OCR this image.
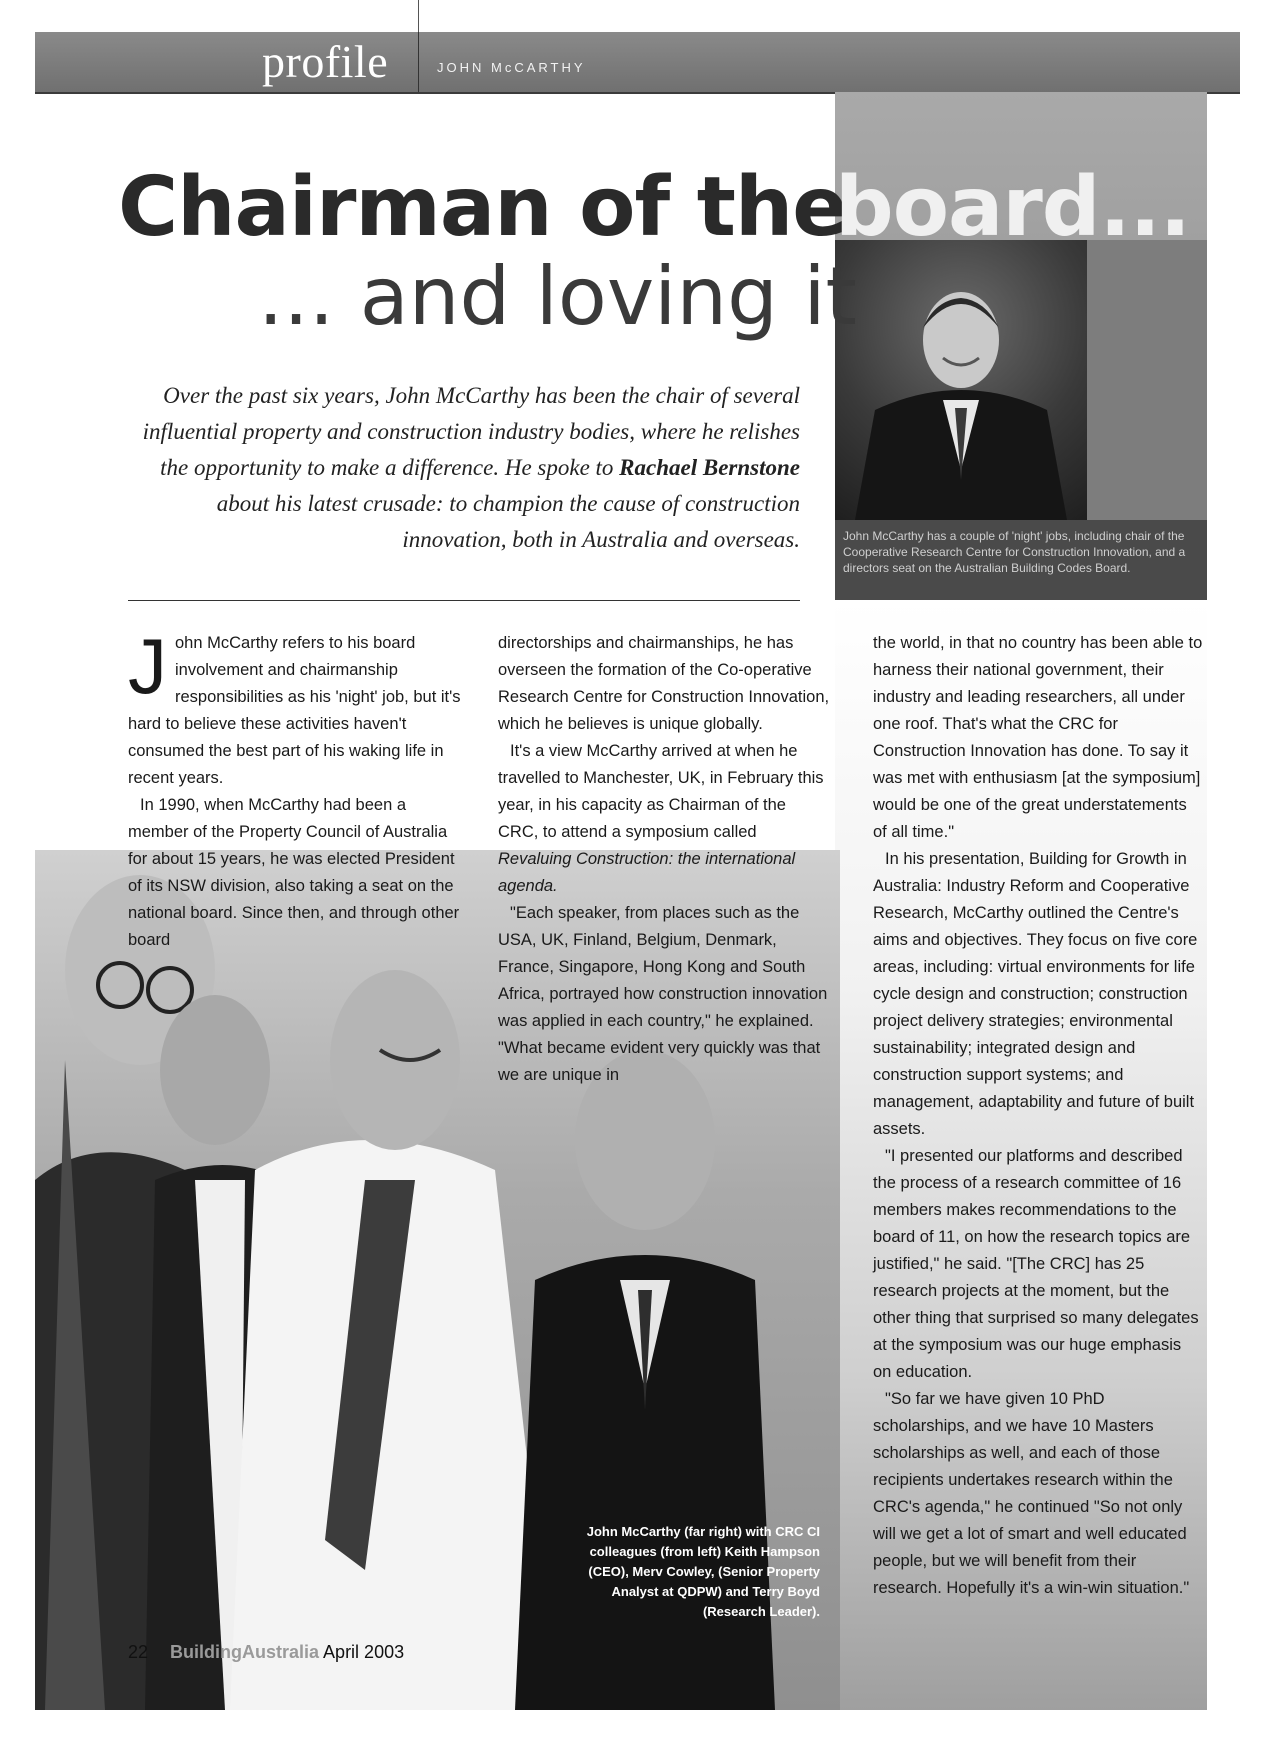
profile	JOHN McCARTHY
John McCarthy has a couple of 'night' jobs, including chair of the Cooperative Research Centre for Construction Innovation, and a directors seat on the Australian Building Codes Board.
Chairman of the
board...
... and loving it
Over the past six years, John McCarthy has been the chair of several influential property and construction industry bodies, where he relishes the opportunity to make a difference. He spoke to Rachael Bernstone about his latest crusade: to champion the cause of construction innovation, both in Australia and overseas.
John McCarthy (far right) with CRC CI colleagues (from left) Keith Hampson (CEO), Merv Cowley, (Senior Property Analyst at QDPW) and Terry Boyd (Research Leader).

John McCarthy refers to his board involvement and chairmanship responsibilities as his 'night' job, but it's hard to believe these activities haven't consumed the best part of his waking life in recent years.

In 1990, when McCarthy had been a member of the Property Council of Australia for about 15 years, he was elected President of its NSW division, also taking a seat on the national board. Since then, and through other board

directorships and chairmanships, he has overseen the formation of the Co-operative Research Centre for Construction Innovation, which he believes is unique globally.

It's a view McCarthy arrived at when he travelled to Manchester, UK, in February this year, in his capacity as Chairman of the CRC, to attend a symposium called Revaluing Construction: the international agenda.

"Each speaker, from places such as the USA, UK, Finland, Belgium, Denmark, France, Singapore, Hong Kong and South Africa, portrayed how construction innovation was applied in each country," he explained. "What became evident very quickly was that we are unique in

the world, in that no country has been able to harness their national government, their industry and leading researchers, all under one roof. That's what the CRC for Construction Innovation has done. To say it was met with enthusiasm [at the symposium] would be one of the great understatements of all time."

In his presentation, Building for Growth in Australia: Industry Reform and Cooperative Research, McCarthy outlined the Centre's aims and objectives. They focus on five core areas, including: virtual environments for life cycle design and construction; construction project delivery strategies; environmental sustainability; integrated design and construction support systems; and management, adaptability and future of built assets.

"I presented our platforms and described the process of a research committee of 16 members makes recommendations to the board of 11, on how the research topics are justified," he said. "[The CRC] has 25 research projects at the moment, but the other thing that surprised so many delegates at the symposium was our huge emphasis on education.

"So far we have given 10 PhD scholarships, and we have 10 Masters scholarships as well, and each of those recipients undertakes research within the CRC's agenda," he continued "So not only will we get a lot of smart and well educated people, but we will benefit from their research. Hopefully it's a win-win situation."

22 BuildingAustralia April 2003
